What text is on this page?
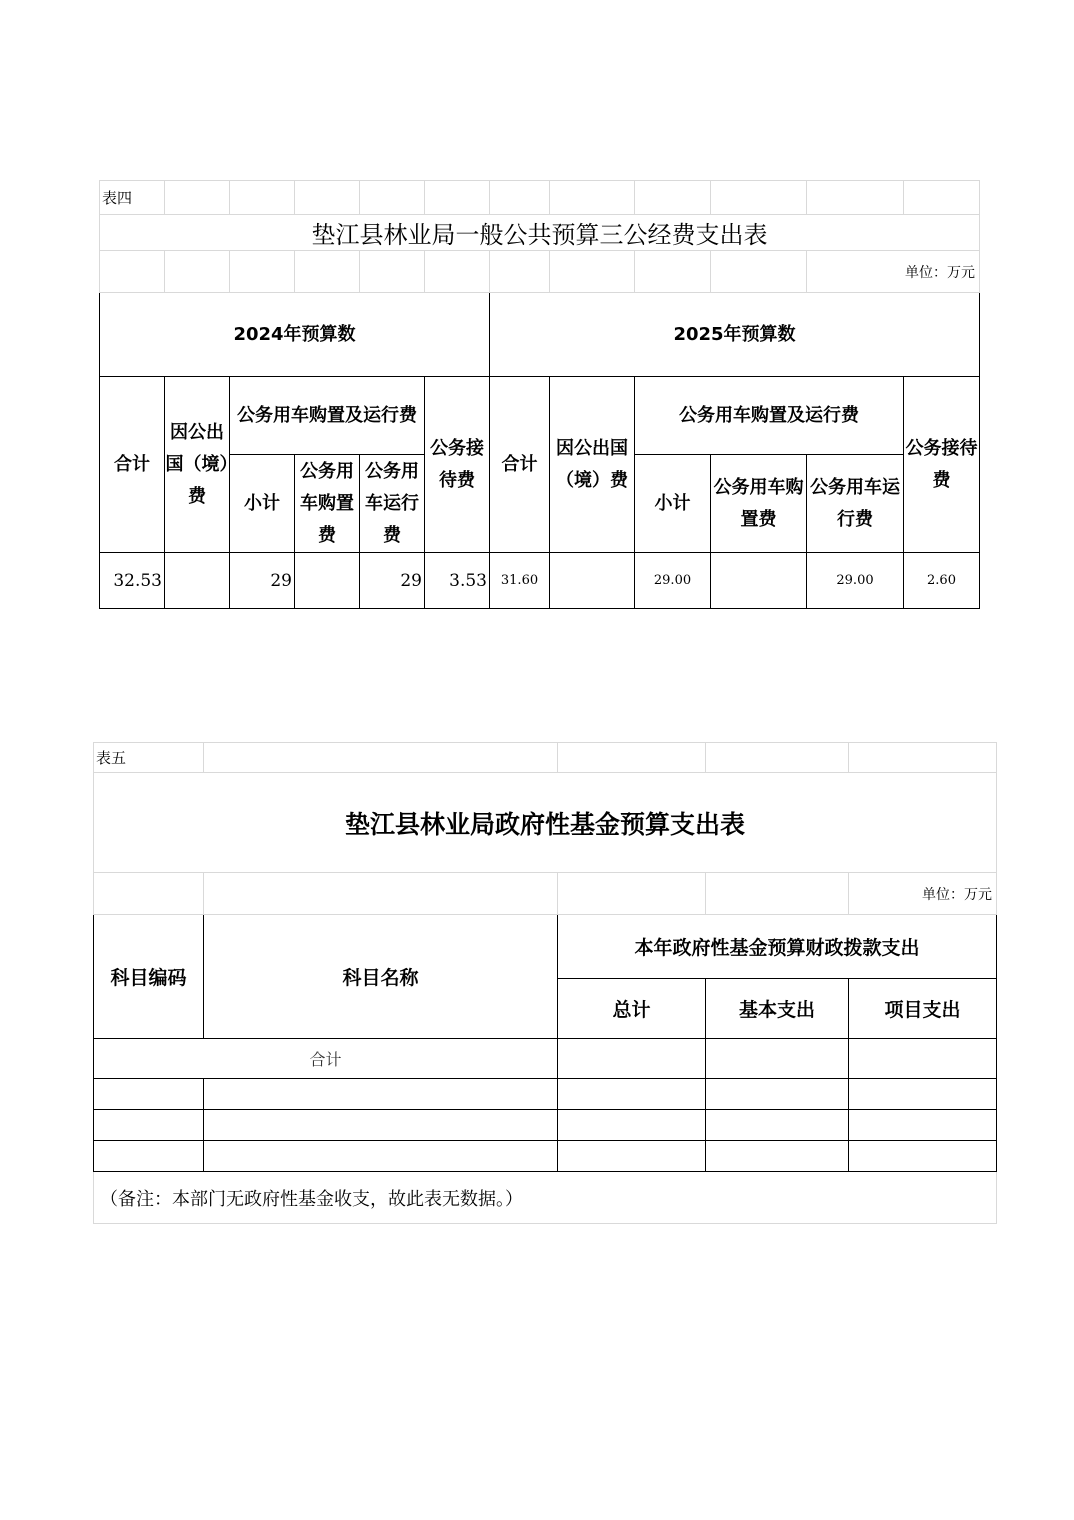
表四											
垫江县林业局一般公共预算三公经费支出表											
										单位：万元	
2024年预算数						2025年预算数					
合计	因公出国（境）费	公务用车购置及运行费			公务接待费	合计	因公出国（境）费	公务用车购置及运行费			公务接待费
		小计	公务用车购置费	公务用车运行费				小计	公务用车购置费	公务用车运行费	
32.53		29		29	3.53	31.60		29.00		29.00	2.60
表五				
垫江县林业局政府性基金预算支出表				
				单位：万元
科目编码	科目名称	本年政府性基金预算财政拨款支出		
		总计	基本支出	项目支出
合计				

（备注：本部门无政府性基金收支，故此表无数据。）				
